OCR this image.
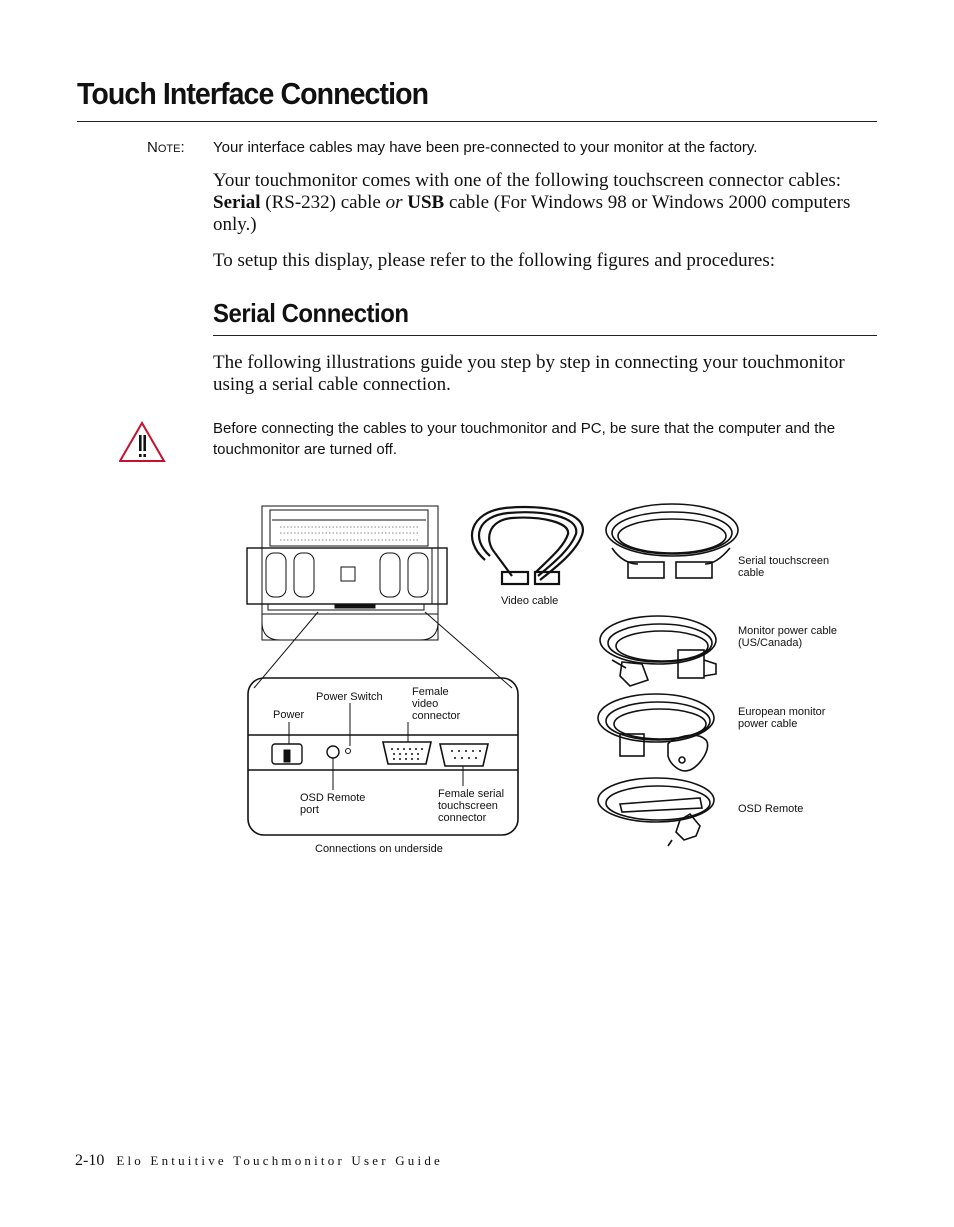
Touch Interface Connection
Note: Your interface cables may have been pre-connected to your monitor at the factory.
Your touchmonitor comes with one of the following touchscreen connector cables: Serial (RS-232) cable or USB cable (For Windows 98 or Windows 2000 computers only.)
To setup this display, please refer to the following figures and procedures:
Serial Connection
The following illustrations guide you step by step in connecting your touchmonitor using a serial cable connection.
Before connecting the cables to your touchmonitor and PC, be sure that the computer and the touchmonitor are turned off.
Video cable
Serial touchscreen
cable
Monitor power cable
(US/Canada)
European monitor
power cable
OSD Remote
Power Switch
Power
Female
video
connector
OSD Remote
port
Female serial
touchscreen
connector
Connections on underside
2-10 Elo Entuitive Touchmonitor User Guide
